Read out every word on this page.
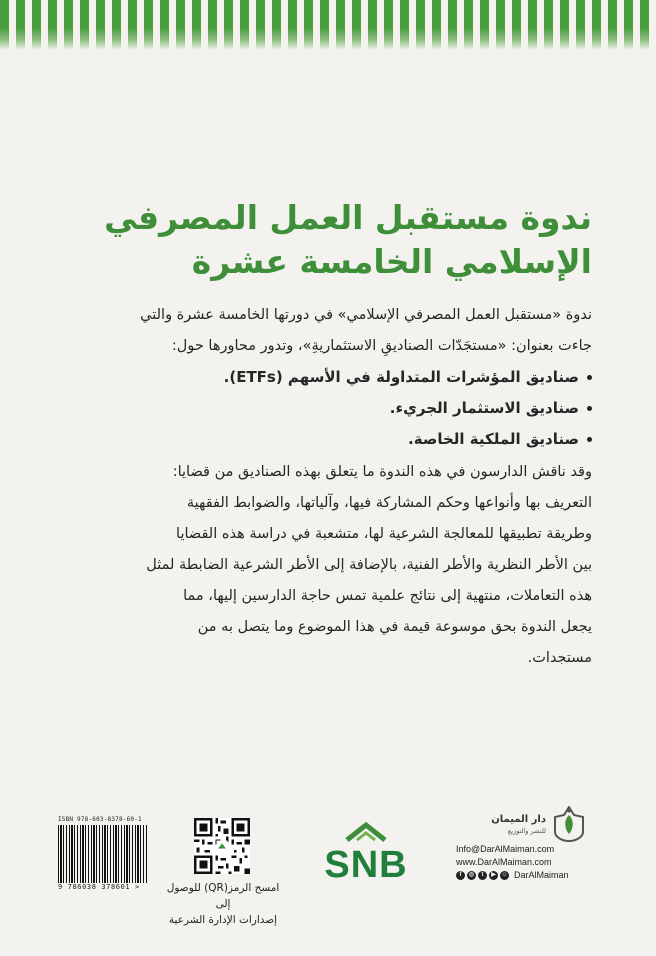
ندوة مستقبل العمل المصرفي
الإسلامي الخامسة عشرة

ندوة «مستقبل العمل المصرفي الإسلامي» في دورتها الخامسة عشرة والتي

جاءت بعنوان: «مستجَدّات الصناديقِ الاستثماريةِ»، وتدور محاورها حول:

صناديق المؤشرات المتداولة في الأسهم (ETFs).
صناديق الاستثمار الجريء.
صناديق الملكية الخاصة.

وقد ناقش الدارسون في هذه الندوة ما يتعلق بهذه الصناديق من قضايا:

التعريف بها وأنواعها وحكم المشاركة فيها، وآلياتها، والضوابط الفقهية

وطريقة تطبيقها للمعالجة الشرعية لها، متشعبة في دراسة هذه القضايا

بين الأطر النظرية والأطر الفنية، بالإضافة إلى الأطر الشرعية الضابطة لمثل

هذه التعاملات، منتهية إلى نتائج علمية تمس حاجة الدارسين إليها، مما

يجعل الندوة بحق موسوعة قيمة في هذا الموضوع وما يتصل به من

مستجدات.

ISBN 978-603-8378-60-1
9 786038 378601 >	امسح الرمز(QR) للوصول إلى
إصدارات الإدارة الشرعية
SNB
دار الميمان
للنشر والتوزيع
Info@DarAlMaiman.com
www.DarAlMaiman.com
f	◎	t	▶ ☺ DarAlMaiman
